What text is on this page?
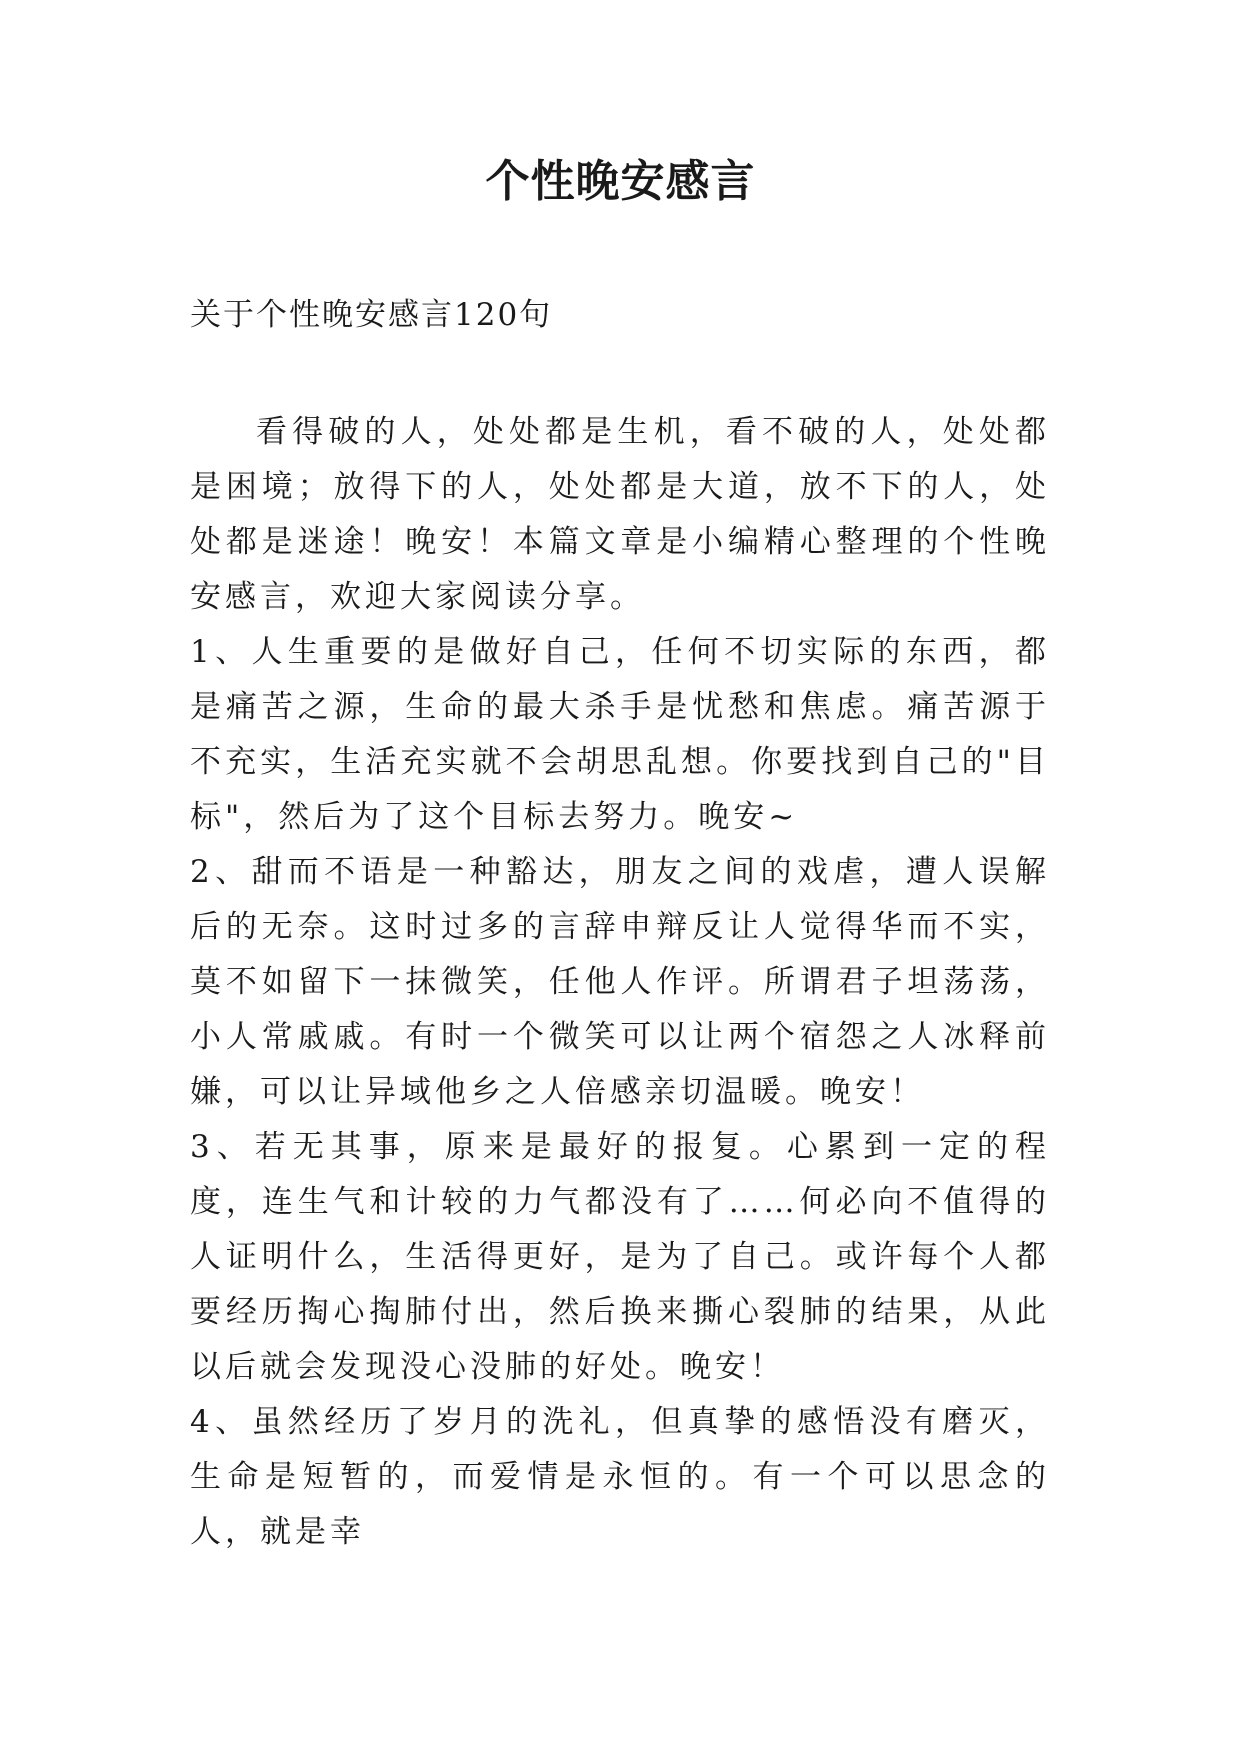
个性晚安感言
关于个性晚安感言120句

看得破的人，处处都是生机，看不破的人，处处都是困境；放得下的人，处处都是大道，放不下的人，处处都是迷途！晚安！本篇文章是小编精心整理的个性晚安感言，欢迎大家阅读分享。

1、人生重要的是做好自己，任何不切实际的东西，都是痛苦之源，生命的最大杀手是忧愁和焦虑。痛苦源于不充实，生活充实就不会胡思乱想。你要找到自己的"目标"，然后为了这个目标去努力。晚安~

2、甜而不语是一种豁达，朋友之间的戏虐，遭人误解后的无奈。这时过多的言辞申辩反让人觉得华而不实，莫不如留下一抹微笑，任他人作评。所谓君子坦荡荡，小人常戚戚。有时一个微笑可以让两个宿怨之人冰释前嫌，可以让异域他乡之人倍感亲切温暖。晚安！

3、若无其事，原来是最好的报复。心累到一定的程度，连生气和计较的力气都没有了……何必向不值得的人证明什么，生活得更好，是为了自己。或许每个人都要经历掏心掏肺付出，然后换来撕心裂肺的结果，从此以后就会发现没心没肺的好处。晚安！

4、虽然经历了岁月的洗礼，但真挚的感悟没有磨灭，生命是短暂的，而爱情是永恒的。有一个可以思念的人，就是幸
